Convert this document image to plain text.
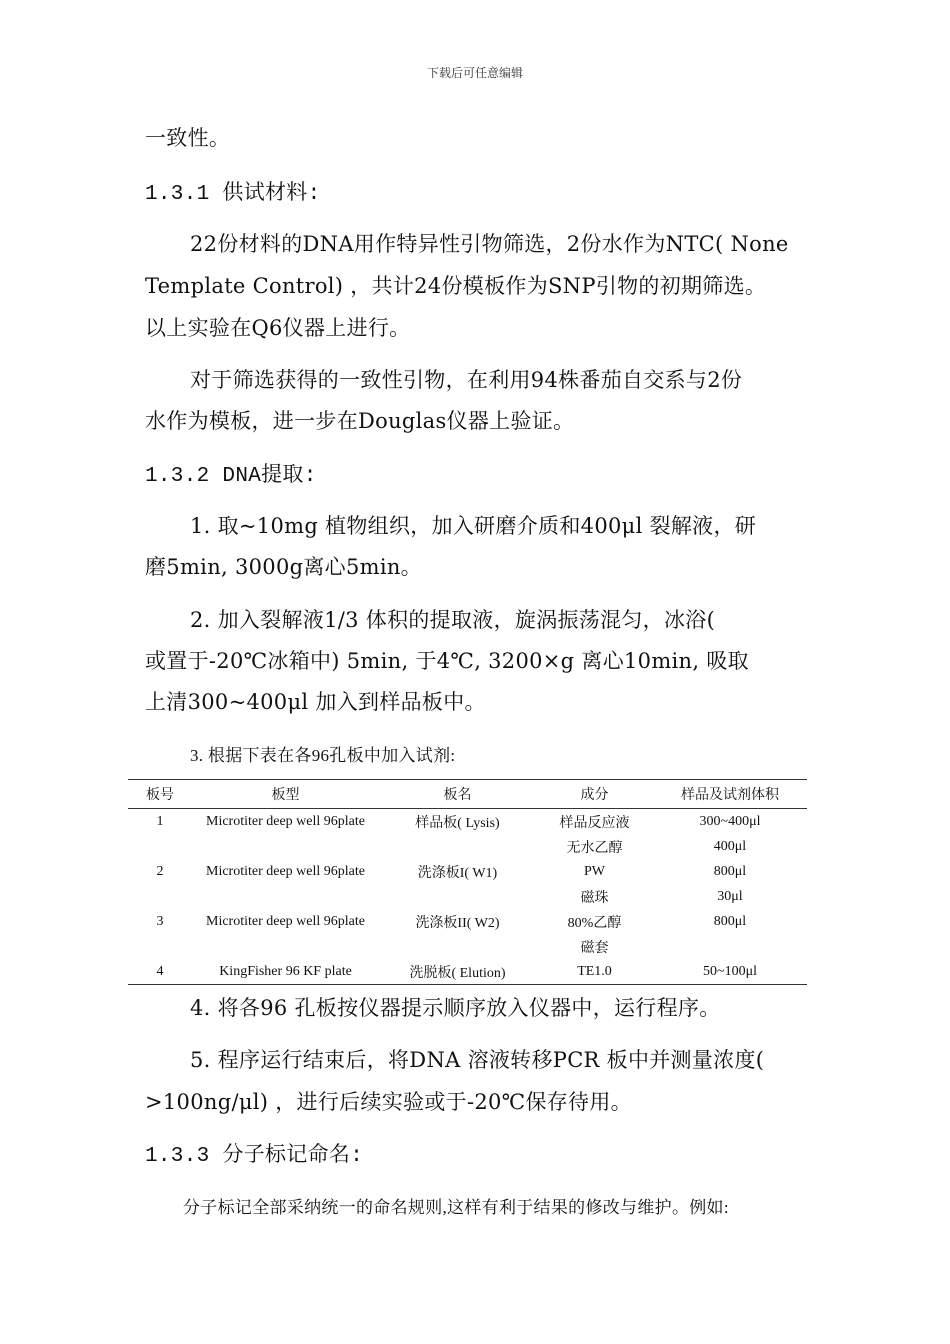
下载后可任意编辑
一致性。
1.3.1 供试材料:
22份材料的DNA用作特异性引物筛选，2份水作为NTC( None
Template Control) ，共计24份模板作为SNP引物的初期筛选。
以上实验在Q6仪器上进行。
对于筛选获得的一致性引物，在利用94株番茄自交系与2份
水作为模板，进一步在Douglas仪器上验证。
1.3.2 DNA提取:
1. 取~10mg 植物组织，加入研磨介质和400μl 裂解液，研
磨5min, 3000g离心5min。
2. 加入裂解液1/3 体积的提取液，旋涡振荡混匀，冰浴(
或置于-20℃冰箱中) 5min, 于4℃, 3200×g 离心10min, 吸取
上清300~400μl 加入到样品板中。
3. 根据下表在各96孔板中加入试剂:
板号	板型	板名	成分	样品及试剂体积
1	Microtiter deep well 96plate	样品板( Lysis)	样品反应液	300~400μl
			无水乙醇	400μl
2	Microtiter deep well 96plate	洗涤板I( W1)	PW	800μl
			磁珠	30μl
3	Microtiter deep well 96plate	洗涤板II( W2)	80%乙醇	800μl
			磁套	
4	KingFisher 96 KF plate	洗脱板( Elution)	TE1.0	50~100μl
4. 将各96 孔板按仪器提示顺序放入仪器中，运行程序。
5. 程序运行结束后，将DNA 溶液转移PCR 板中并测量浓度(
>100ng/μl) ，进行后续实验或于-20℃保存待用。
1.3.3 分子标记命名:
分子标记全部采纳统一的命名规则,这样有利于结果的修改与维护。例如:
